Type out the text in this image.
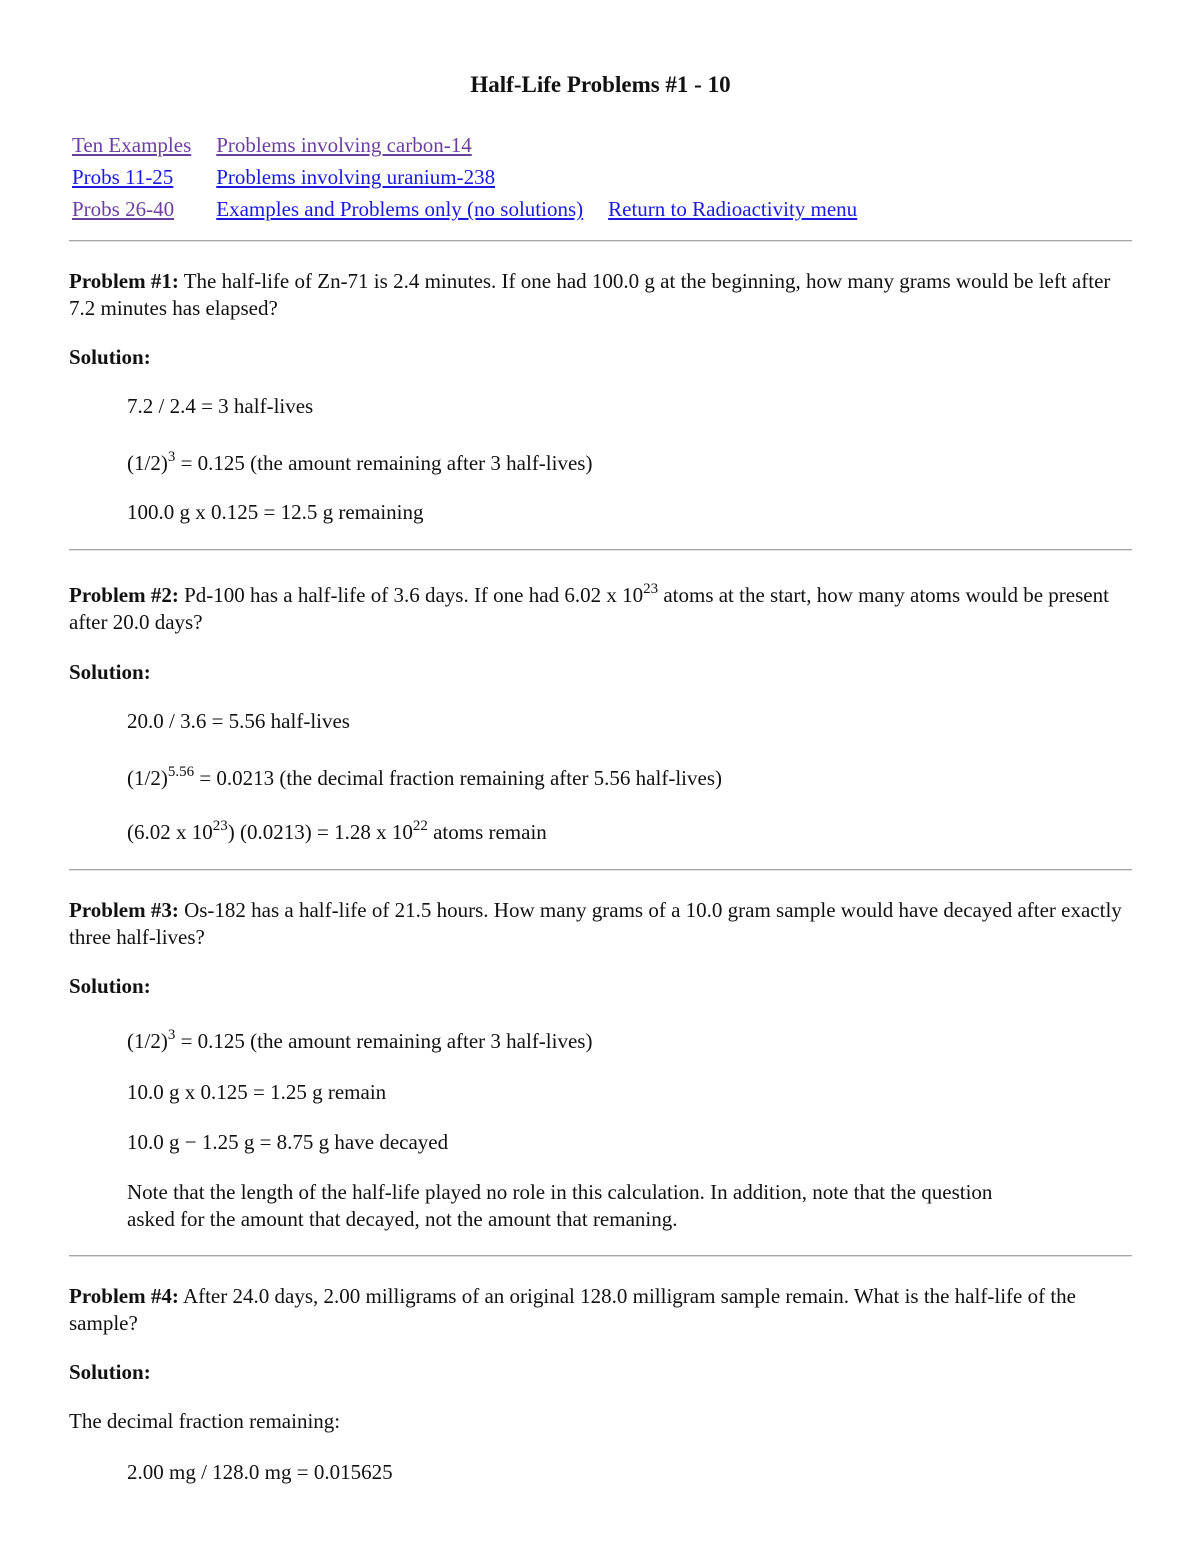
Half-Life Problems #1 - 10
Ten Examples	Problems involving carbon-14	
Probs 11-25	Problems involving uranium-238	
Probs 26-40	Examples and Problems only (no solutions)	Return to Radioactivity menu

Problem #1: The half-life of Zn-71 is 2.4 minutes. If one had 100.0 g at the beginning, how many grams would be left after 7.2 minutes has elapsed?

Solution:
7.2 / 2.4 = 3 half-lives
$(1/2)^3 = 0.125$ (the amount remaining after 3 half-lives)
100.0 g x 0.125 = 12.5 g remaining

Problem #2: Pd-100 has a half-life of 3.6 days. If one had 6.02 x $10^{23}$ atoms at the start, how many atoms would be present after 20.0 days?

Solution:
20.0 / 3.6 = 5.56 half-lives
$(1/2)^{5.56} = 0.0213$ (the decimal fraction remaining after 5.56 half-lives)
(6.02 x $10^{23}$) (0.0213) = 1.28 x $10^{22}$ atoms remain

Problem #3: Os-182 has a half-life of 21.5 hours. How many grams of a 10.0 gram sample would have decayed after exactly three half-lives?

Solution:
$(1/2)^3 = 0.125$ (the amount remaining after 3 half-lives)
10.0 g x 0.125 = 1.25 g remain
10.0 g − 1.25 g = 8.75 g have decayed

Note that the length of the half-life played no role in this calculation. In addition, note that the question asked for the amount that decayed, not the amount that remaning.

Problem #4: After 24.0 days, 2.00 milligrams of an original 128.0 milligram sample remain. What is the half-life of the sample?

Solution:
The decimal fraction remaining:
2.00 mg / 128.0 mg = 0.015625
